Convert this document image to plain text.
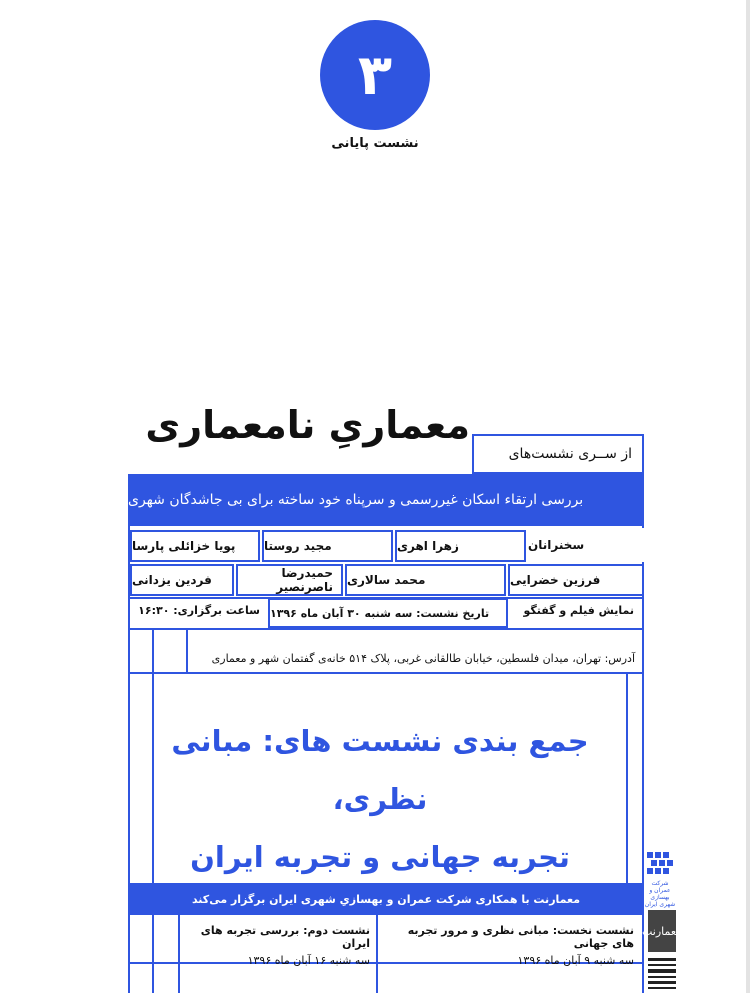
۳
نشست پایانی
معماریِ نامعماری
از ســری نشست‌های
بررسی ارتقاء اسکان غیررسمی و سرپناه خود ساخته برای بی جاشدگان شهری
سخنرانان
زهرا اهری
مجید روستا
پویا خزائلی پارسا
فرزین خضرایی
محمد سالاری
حمیدرضا ناصرنصیر
فردین یزدانی
نمایش فیلم و گفتگو
تاریخ نشست: سه شنبه ۳۰ آبان ماه ۱۳۹۶
ساعت برگزاری: ۱۶:۳۰
آدرس: تهران، میدان فلسطین، خیابان طالقانی غربی، پلاک ۵۱۴ خانه‌ی گفتمان شهر و معماری
جمع بندی نشست های: مبانی نظری،
تجربه جهانی و تجربه ایران
معمارنت با همکاری شرکت عمران و بهسازیِ شهری ایران برگزار می‌کند
نشست نخست: مبانی نظری و مرور تجربه های جهانی
سه شنبه ۹ آبان ماه ۱۳۹۶
نشست دوم: بررسی تجربه های ایران
سه شنبه ۱۶ آبان ماه ۱۳۹۶
شرکت عمران و بهسازی شهری ایران
معمارنت
